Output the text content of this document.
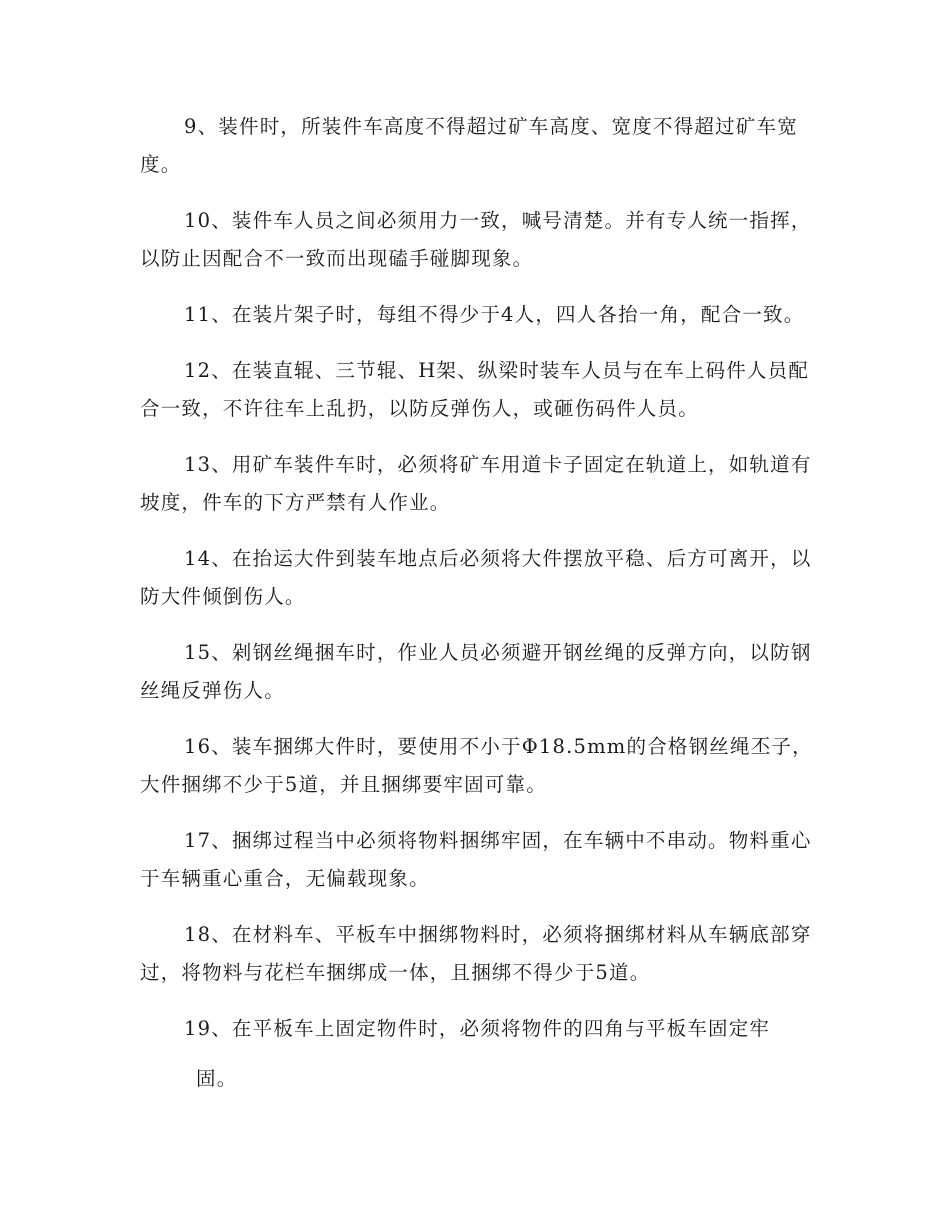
9、装件时，所装件车高度不得超过矿车高度、宽度不得超过矿车宽度。

10、装件车人员之间必须用力一致，喊号清楚。并有专人统一指挥，以防止因配合不一致而出现磕手碰脚现象。

11、在装片架子时，每组不得少于4人，四人各抬一角，配合一致。

12、在装直辊、三节辊、H架、纵梁时装车人员与在车上码件人员配合一致，不许往车上乱扔，以防反弹伤人，或砸伤码件人员。

13、用矿车装件车时，必须将矿车用道卡子固定在轨道上，如轨道有坡度，件车的下方严禁有人作业。

14、在抬运大件到装车地点后必须将大件摆放平稳、后方可离开，以防大件倾倒伤人。

15、剁钢丝绳捆车时，作业人员必须避开钢丝绳的反弹方向，以防钢丝绳反弹伤人。

16、装车捆绑大件时，要使用不小于Φ18.5mm的合格钢丝绳丕子，大件捆绑不少于5道，并且捆绑要牢固可靠。

17、捆绑过程当中必须将物料捆绑牢固，在车辆中不串动。物料重心于车辆重心重合，无偏载现象。

18、在材料车、平板车中捆绑物料时，必须将捆绑材料从车辆底部穿过，将物料与花栏车捆绑成一体，且捆绑不得少于5道。

19、在平板车上固定物件时，必须将物件的四角与平板车固定牢

固。
